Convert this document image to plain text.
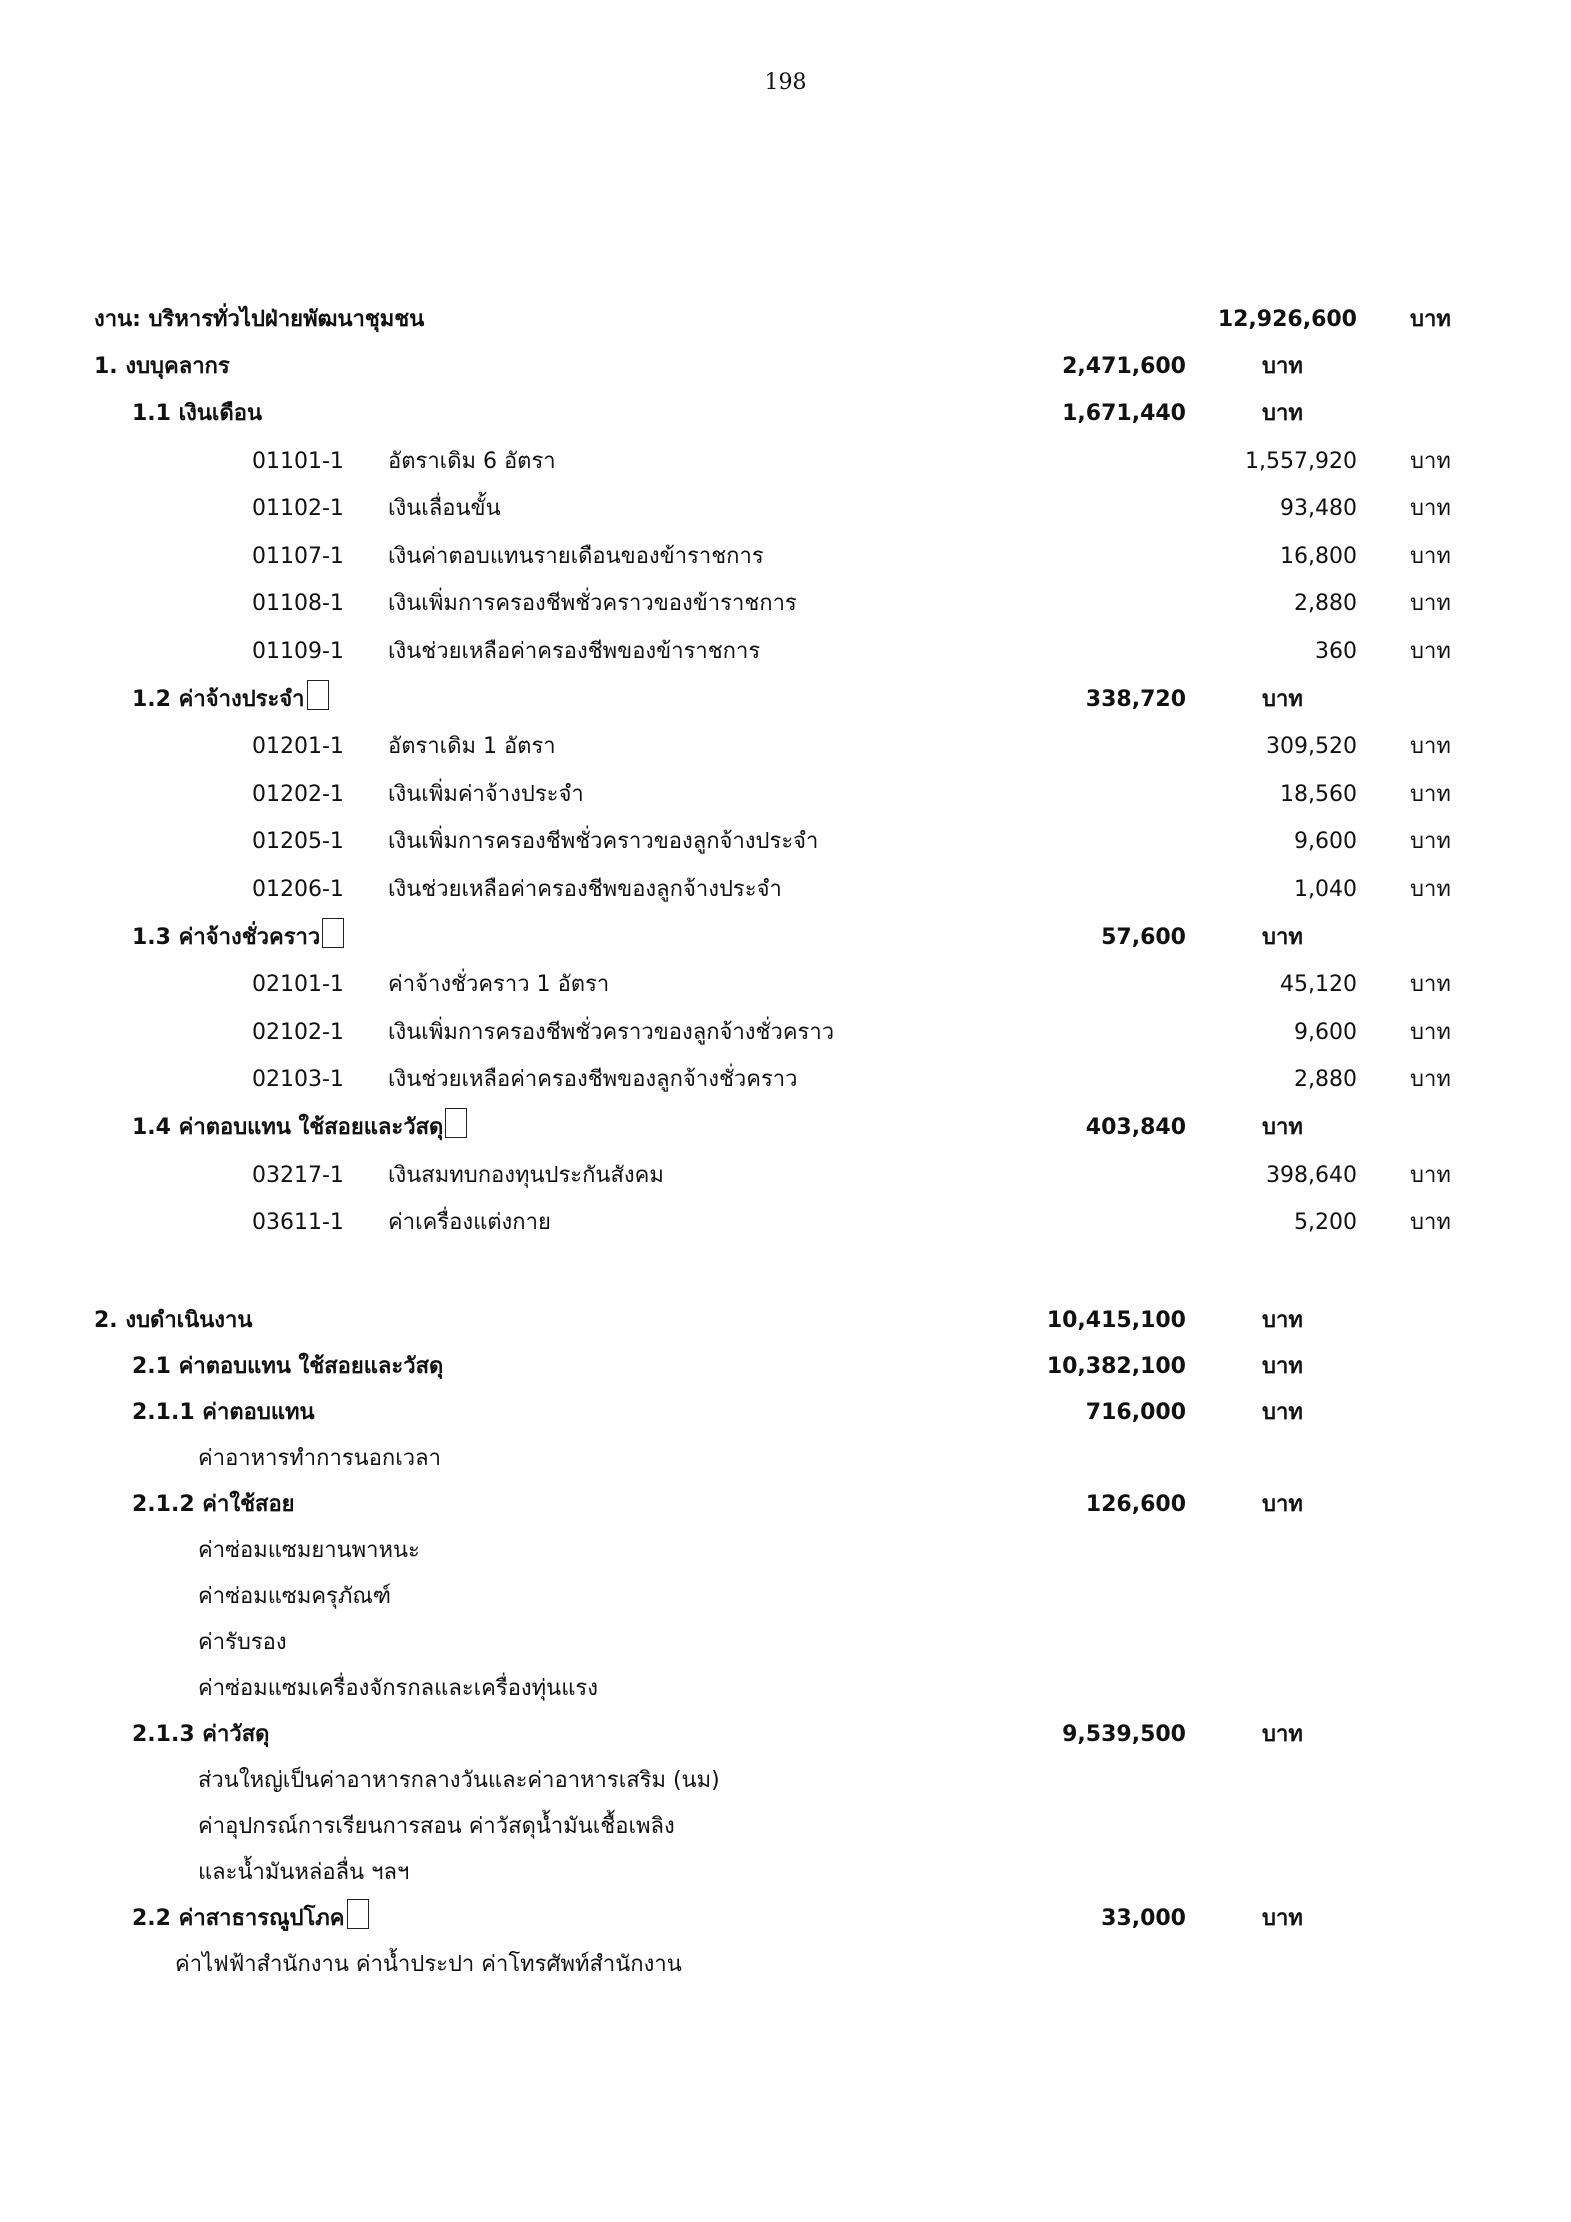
198
งาน: บริหารทั่วไปฝ่ายพัฒนาชุมชน	12,926,600 บาท
1. งบบุคลากร	2,471,600	บาท
1.1 เงินเดือน	1,671,440	บาท
01101-1 อัตราเดิม 6 อัตรา	1,557,920 บาท
01102-1 เงินเลื่อนขั้น	93,480 บาท
01107-1 เงินค่าตอบแทนรายเดือนของข้าราชการ	16,800 บาท
01108-1 เงินเพิ่มการครองชีพชั่วคราวของข้าราชการ	2,880 บาท
01109-1 เงินช่วยเหลือค่าครองชีพของข้าราชการ	360 บาท
1.2 ค่าจ้างประจำ	338,720	บาท
01201-1 อัตราเดิม 1 อัตรา	309,520 บาท
01202-1 เงินเพิ่มค่าจ้างประจำ	18,560 บาท
01205-1 เงินเพิ่มการครองชีพชั่วคราวของลูกจ้างประจำ	9,600 บาท
01206-1 เงินช่วยเหลือค่าครองชีพของลูกจ้างประจำ	1,040 บาท
1.3 ค่าจ้างชั่วคราว	57,600	บาท
02101-1 ค่าจ้างชั่วคราว 1 อัตรา	45,120 บาท
02102-1 เงินเพิ่มการครองชีพชั่วคราวของลูกจ้างชั่วคราว	9,600 บาท
02103-1 เงินช่วยเหลือค่าครองชีพของลูกจ้างชั่วคราว	2,880 บาท
1.4 ค่าตอบแทน ใช้สอยและวัสดุ	403,840	บาท
03217-1 เงินสมทบกองทุนประกันสังคม	398,640 บาท
03611-1 ค่าเครื่องแต่งกาย	5,200 บาท
2. งบดำเนินงาน	10,415,100	บาท
2.1 ค่าตอบแทน ใช้สอยและวัสดุ	10,382,100	บาท
2.1.1 ค่าตอบแทน	716,000	บาท
ค่าอาหารทำการนอกเวลา
2.1.2 ค่าใช้สอย	126,600	บาท
ค่าซ่อมแซมยานพาหนะ
ค่าซ่อมแซมครุภัณฑ์
ค่ารับรอง
ค่าซ่อมแซมเครื่องจักรกลและเครื่องทุ่นแรง
2.1.3 ค่าวัสดุ	9,539,500	บาท
ส่วนใหญ่เป็นค่าอาหารกลางวันและค่าอาหารเสริม (นม)
ค่าอุปกรณ์การเรียนการสอน ค่าวัสดุน้ำมันเชื้อเพลิง
และน้ำมันหล่อลื่น ฯลฯ
2.2 ค่าสาธารณูปโภค	33,000	บาท
ค่าไฟฟ้าสำนักงาน ค่าน้ำประปา ค่าโทรศัพท์สำนักงาน
